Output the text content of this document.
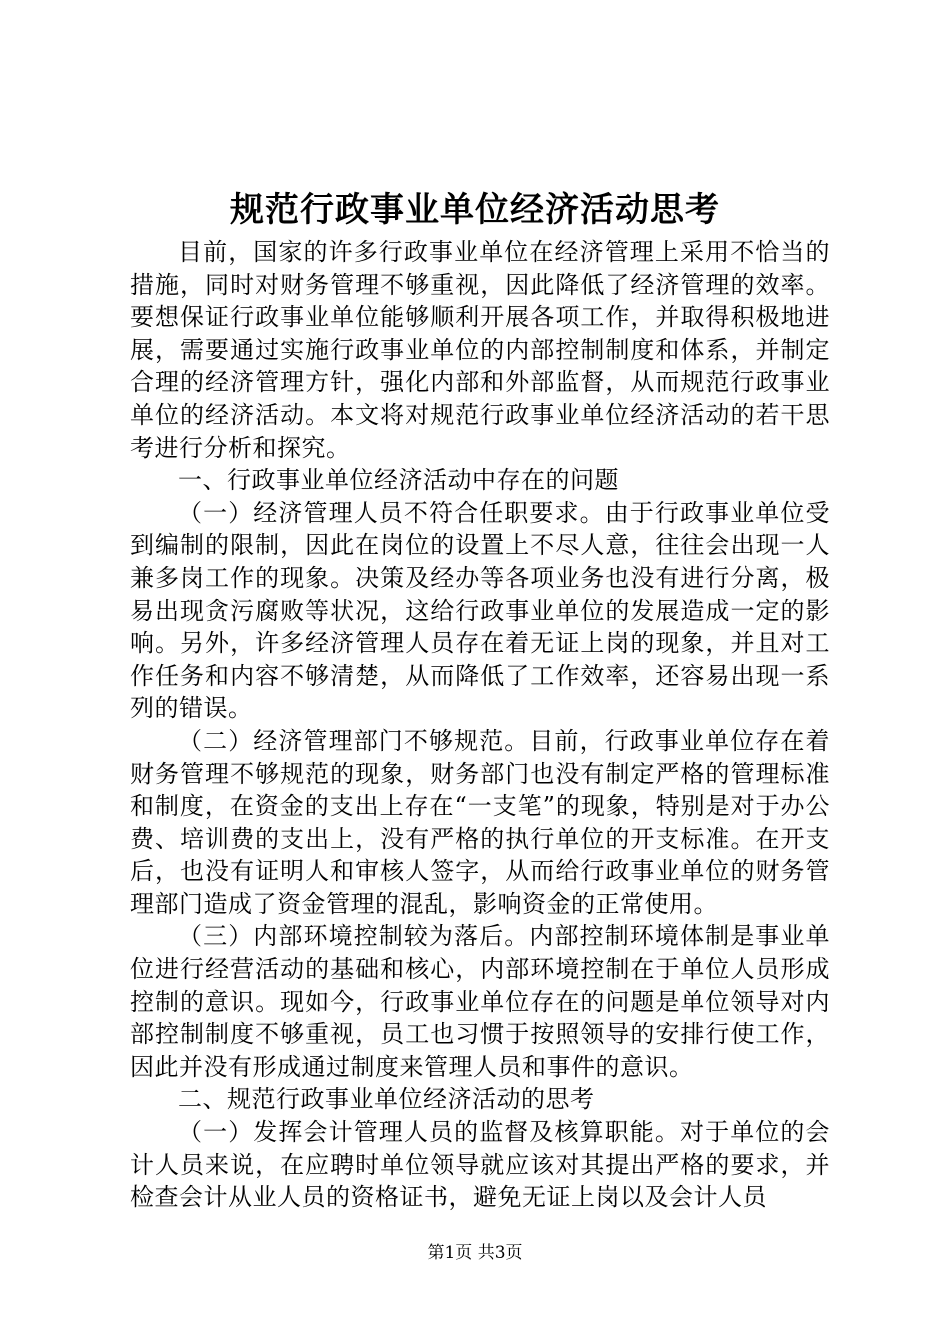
规范行政事业单位经济活动思考

目前，国家的许多行政事业单位在经济管理上采用不恰当的措施，同时对财务管理不够重视，因此降低了经济管理的效率。要想保证行政事业单位能够顺利开展各项工作，并取得积极地进展，需要通过实施行政事业单位的内部控制制度和体系，并制定合理的经济管理方针，强化内部和外部监督，从而规范行政事业单位的经济活动。本文将对规范行政事业单位经济活动的若干思考进行分析和探究。

一、行政事业单位经济活动中存在的问题

（一）经济管理人员不符合任职要求。由于行政事业单位受到编制的限制，因此在岗位的设置上不尽人意，往往会出现一人兼多岗工作的现象。决策及经办等各项业务也没有进行分离，极易出现贪污腐败等状况，这给行政事业单位的发展造成一定的影响。另外，许多经济管理人员存在着无证上岗的现象，并且对工作任务和内容不够清楚，从而降低了工作效率，还容易出现一系列的错误。

（二）经济管理部门不够规范。目前，行政事业单位存在着财务管理不够规范的现象，财务部门也没有制定严格的管理标准和制度，在资金的支出上存在“一支笔”的现象，特别是对于办公费、培训费的支出上，没有严格的执行单位的开支标准。在开支后，也没有证明人和审核人签字，从而给行政事业单位的财务管理部门造成了资金管理的混乱，影响资金的正常使用。

（三）内部环境控制较为落后。内部控制环境体制是事业单位进行经营活动的基础和核心，内部环境控制在于单位人员形成控制的意识。现如今，行政事业单位存在的问题是单位领导对内部控制制度不够重视，员工也习惯于按照领导的安排行使工作，因此并没有形成通过制度来管理人员和事件的意识。

二、规范行政事业单位经济活动的思考

（一）发挥会计管理人员的监督及核算职能。对于单位的会计人员来说，在应聘时单位领导就应该对其提出严格的要求，并检查会计从业人员的资格证书，避免无证上岗以及会计人员

第1页 共3页
